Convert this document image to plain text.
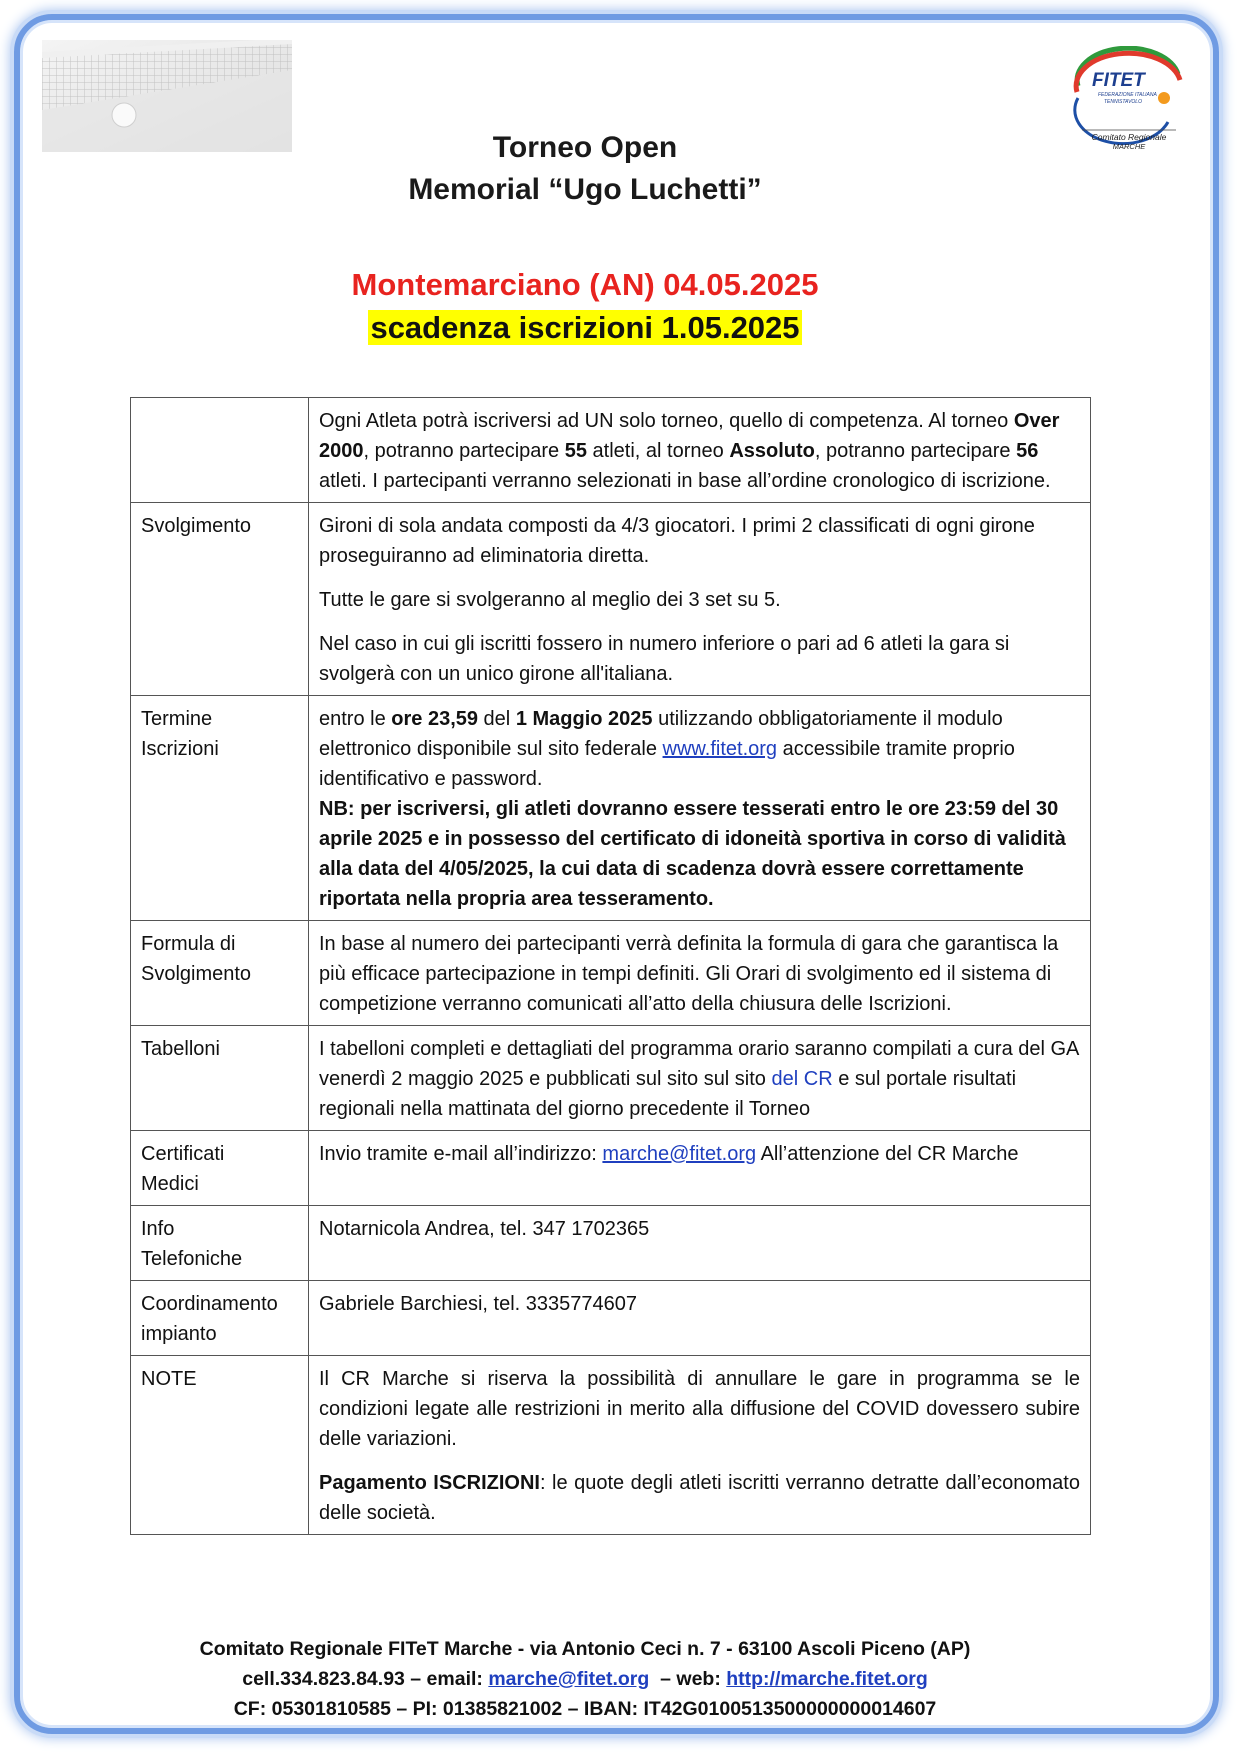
FITET
FEDERAZIONE ITALIANA
TENNISTAVOLO
Comitato Regionale
MARCHE
Torneo Open
Memorial “Ugo Luchetti”
Montemarciano (AN) 04.05.2025
scadenza iscrizioni 1.05.2025

	Ogni Atleta potrà iscriversi ad UN solo torneo, quello di competenza. Al torneo Over 2000, potranno partecipare 55 atleti, al torneo Assoluto, potranno partecipare 56 atleti. I partecipanti verranno selezionati in base all’ordine cronologico di iscrizione.

Svolgimento	Gironi di sola andata composti da 4/3 giocatori. I primi 2 classificati di ogni girone proseguiranno ad eliminatoria diretta.

Tutte le gare si svolgeranno al meglio dei 3 set su 5.

Nel caso in cui gli iscritti fossero in numero inferiore o pari ad 6 atleti la gara si svolgerà con un unico girone all'italiana.

Termine
Iscrizioni	entro le ore 23,59 del 1 Maggio 2025 utilizzando obbligatoriamente il modulo elettronico disponibile sul sito federale www.fitet.org accessibile tramite proprio identificativo e password.
NB: per iscriversi, gli atleti dovranno essere tesserati entro le ore 23:59 del 30 aprile 2025 e in possesso del certificato di idoneità sportiva in corso di validità alla data del 4/05/2025, la cui data di scadenza dovrà essere correttamente riportata nella propria area tesseramento.

Formula di
Svolgimento	In base al numero dei partecipanti verrà definita la formula di gara che garantisca la più efficace partecipazione in tempi definiti. Gli Orari di svolgimento ed il sistema di competizione verranno comunicati all’atto della chiusura delle Iscrizioni.

Tabelloni	I tabelloni completi e dettagliati del programma orario saranno compilati a cura del GA venerdì 2 maggio 2025 e pubblicati sul sito sul sito del CR e sul portale risultati regionali nella mattinata del giorno precedente il Torneo

Certificati
Medici	Invio tramite e-mail all’indirizzo: marche@fitet.org All’attenzione del CR Marche

Info
Telefoniche	Notarnicola Andrea, tel. 347 1702365

Coordinamento
impianto	Gabriele Barchiesi, tel. 3335774607

NOTE	Il CR Marche si riserva la possibilità di annullare le gare in programma se le condizioni legate alle restrizioni in merito alla diffusione del COVID dovessero subire delle variazioni.

Pagamento ISCRIZIONI: le quote degli atleti iscritti verranno detratte dall’economato delle società.

Comitato Regionale FITeT Marche - via Antonio Ceci n. 7 - 63100 Ascoli Piceno (AP)
cell.334.823.84.93 – email: marche@fitet.org  – web: http://marche.fitet.org
CF: 05301810585 – PI: 01385821002 – IBAN: IT42G0100513500000000014607
